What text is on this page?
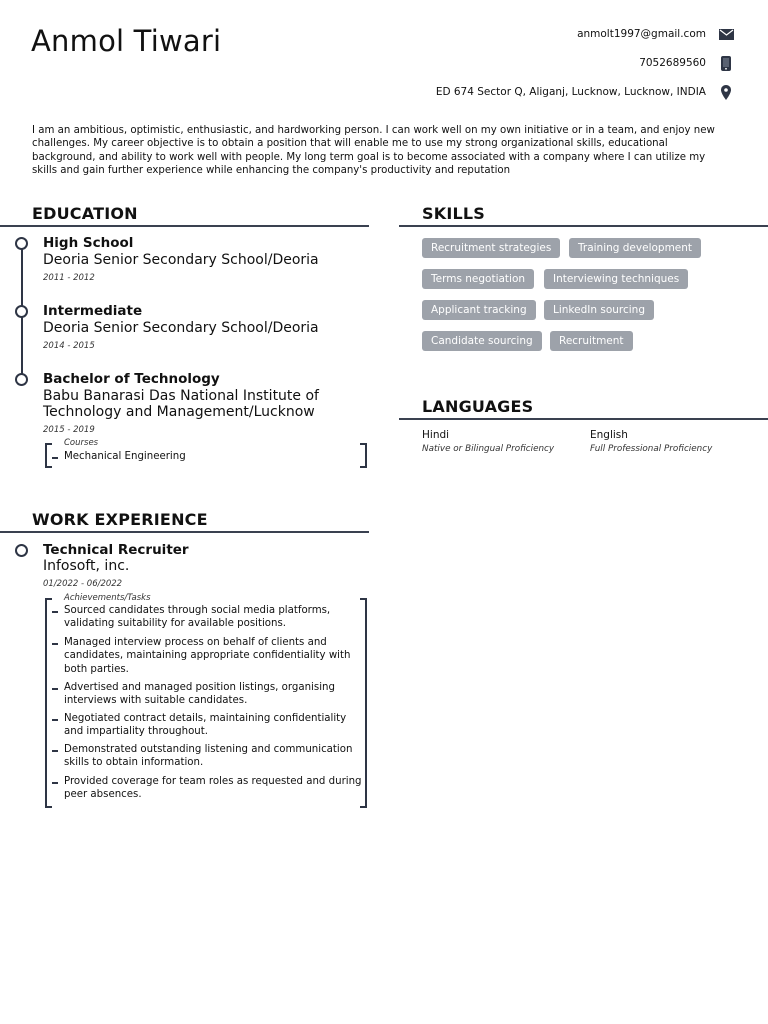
Anmol Tiwari	anmolt1997@gmail.com
7052689560
ED 674 Sector Q, Aliganj, Lucknow, Lucknow, INDIA
I am an ambitious, optimistic, enthusiastic, and hardworking person. I can work well on my own initiative or in a team, and enjoy new challenges. My career objective is to obtain a position that will enable me to use my strong organizational skills, educational background, and ability to work well with people. My long term goal is to become associated with a company where I can utilize my skills and gain further experience while enhancing the company's productivity and reputation
EDUCATION
High School
Deoria Senior Secondary School/Deoria
2011 - 2012
Intermediate
Deoria Senior Secondary School/Deoria
2014 - 2015
Bachelor of Technology
Babu Banarasi Das National Institute of Technology and Management/Lucknow
2015 - 2019
Courses
Mechanical Engineering
WORK EXPERIENCE
Technical Recruiter
Infosoft, inc.
01/2022 - 06/2022
Achievements/Tasks
Sourced candidates through social media platforms, validating suitability for available positions.
Managed interview process on behalf of clients and candidates, maintaining appropriate confidentiality with both parties.
Advertised and managed position listings, organising interviews with suitable candidates.
Negotiated contract details, maintaining confidentiality and impartiality throughout.
Demonstrated outstanding listening and communication skills to obtain information.
Provided coverage for team roles as requested and during peer absences.
SKILLS
Recruitment strategies	Training development
Terms negotiation	Interviewing techniques
Applicant tracking	LinkedIn sourcing
Candidate sourcing	Recruitment
LANGUAGES
Hindi
Native or Bilingual Proficiency
English
Full Professional Proficiency
